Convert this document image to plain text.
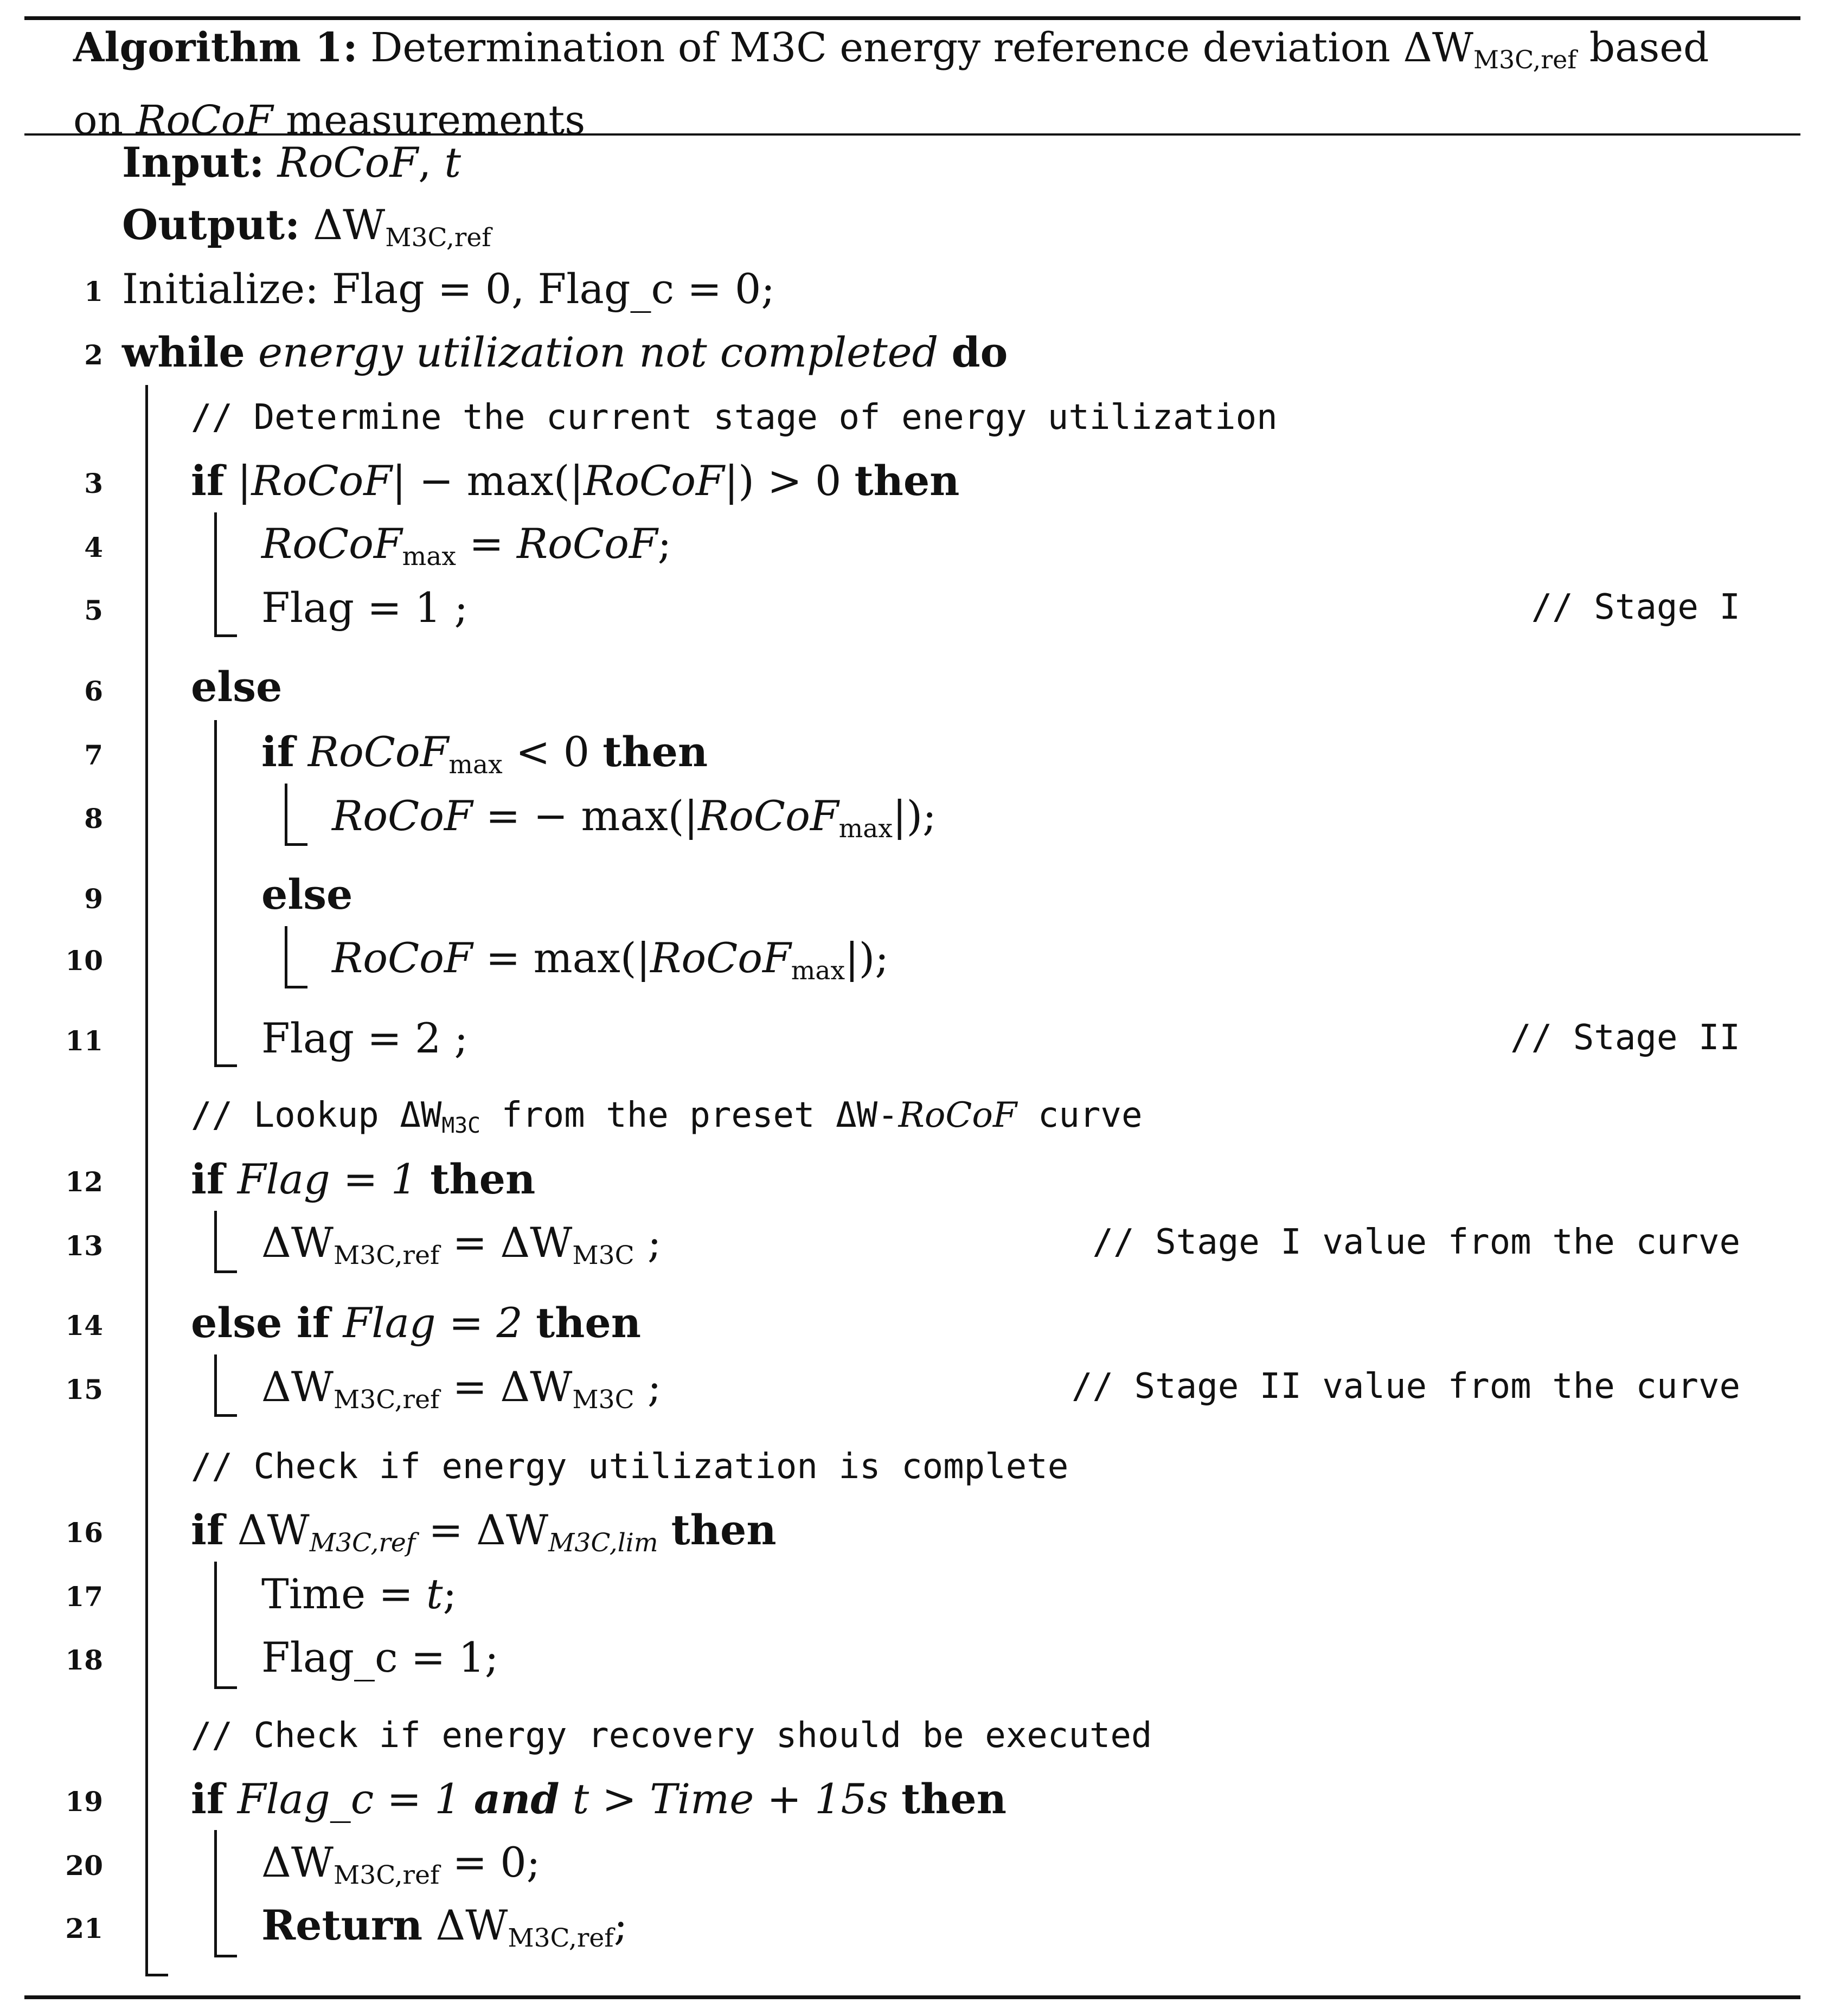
Algorithm 1: Determination of M3C energy reference deviation $\Delta W_{M3C,ref}$ based
on RoCoF measurements
Input: RoCoF, t
Output: $\Delta W_{M3C,ref}$
1
2
3
4
5
6
7
8
9
10
11
12
13
14
15
16
17
18
19
20
21
Initialize: Flag = 0, Flag_c = 0;
while energy utilization not completed do
// Determine the current stage of energy utilization
if |RoCoF| − max(|RoCoF|) > 0 then
RoCoF$_{max}$ = RoCoF;
Flag = 1 ;	// Stage I
else
if RoCoF$_{max}$ < 0 then
RoCoF = − max(|RoCoF$_{max}$|);
else
RoCoF = max(|RoCoF$_{max}$|);
Flag = 2 ;	// Stage II
// Lookup $\Delta W_{M3C}$ from the preset ΔW-RoCoF curve
if Flag = 1 then
$\Delta W_{M3C,ref} = \Delta W_{M3C}$ ;	// Stage I value from the curve
else if Flag = 2 then
$\Delta W_{M3C,ref} = \Delta W_{M3C}$ ;	// Stage II value from the curve
// Check if energy utilization is complete
if $\Delta W_{M3C,ref} = \Delta W_{M3C,lim}$ then
Time = t;
Flag_c = 1;
// Check if energy recovery should be executed
if Flag_c = 1 and t > Time + 15s then
$\Delta W_{M3C,ref} = 0$;
Return $\Delta W_{M3C,ref}$;
